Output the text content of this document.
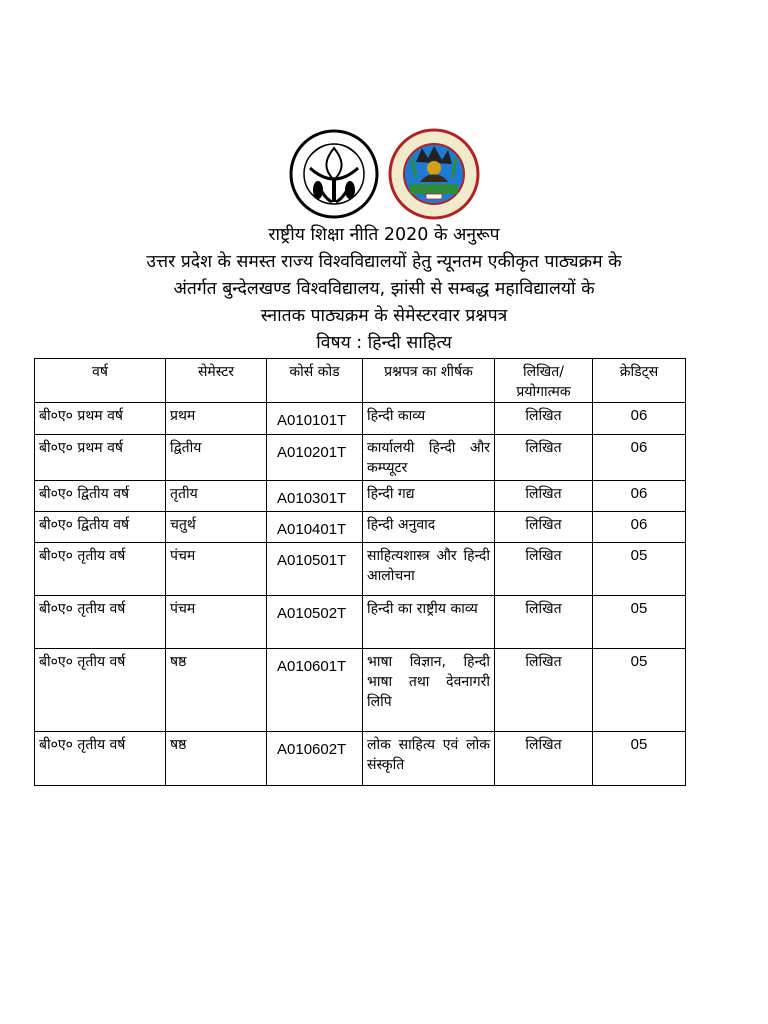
राष्ट्रीय शिक्षा नीति 2020 के अनुरूप
उत्तर प्रदेश के समस्त राज्य विश्वविद्यालयों हेतु न्यूनतम एकीकृत पाठ्यक्रम के
अंतर्गत बुन्देलखण्ड विश्वविद्यालय, झांसी से सम्बद्ध महाविद्यालयों के
स्नातक पाठ्यक्रम के सेमेस्टरवार प्रश्नपत्र
विषय : हिन्दी साहित्य
वर्ष	सेमेस्टर	कोर्स कोड	प्रश्नपत्र का शीर्षक	लिखित/प्रयोगात्मक	क्रेडिट्स
बी०ए० प्रथम वर्ष	प्रथम	A010101T	हिन्दी काव्य	लिखित	06
बी०ए० प्रथम वर्ष	द्वितीय	A010201T	कार्यालयी हिन्दी और कम्प्यूटर	लिखित	06
बी०ए० द्वितीय वर्ष	तृतीय	A010301T	हिन्दी गद्य	लिखित	06
बी०ए० द्वितीय वर्ष	चतुर्थ	A010401T	हिन्दी अनुवाद	लिखित	06
बी०ए० तृतीय वर्ष	पंचम	A010501T	साहित्यशास्त्र और हिन्दी आलोचना	लिखित	05
बी०ए० तृतीय वर्ष	पंचम	A010502T	हिन्दी का राष्ट्रीय काव्य	लिखित	05
बी०ए० तृतीय वर्ष	षष्ठ	A010601T	भाषा विज्ञान, हिन्दी भाषा तथा देवनागरी लिपि	लिखित	05
बी०ए० तृतीय वर्ष	षष्ठ	A010602T	लोक साहित्य एवं लोक संस्कृति	लिखित	05
